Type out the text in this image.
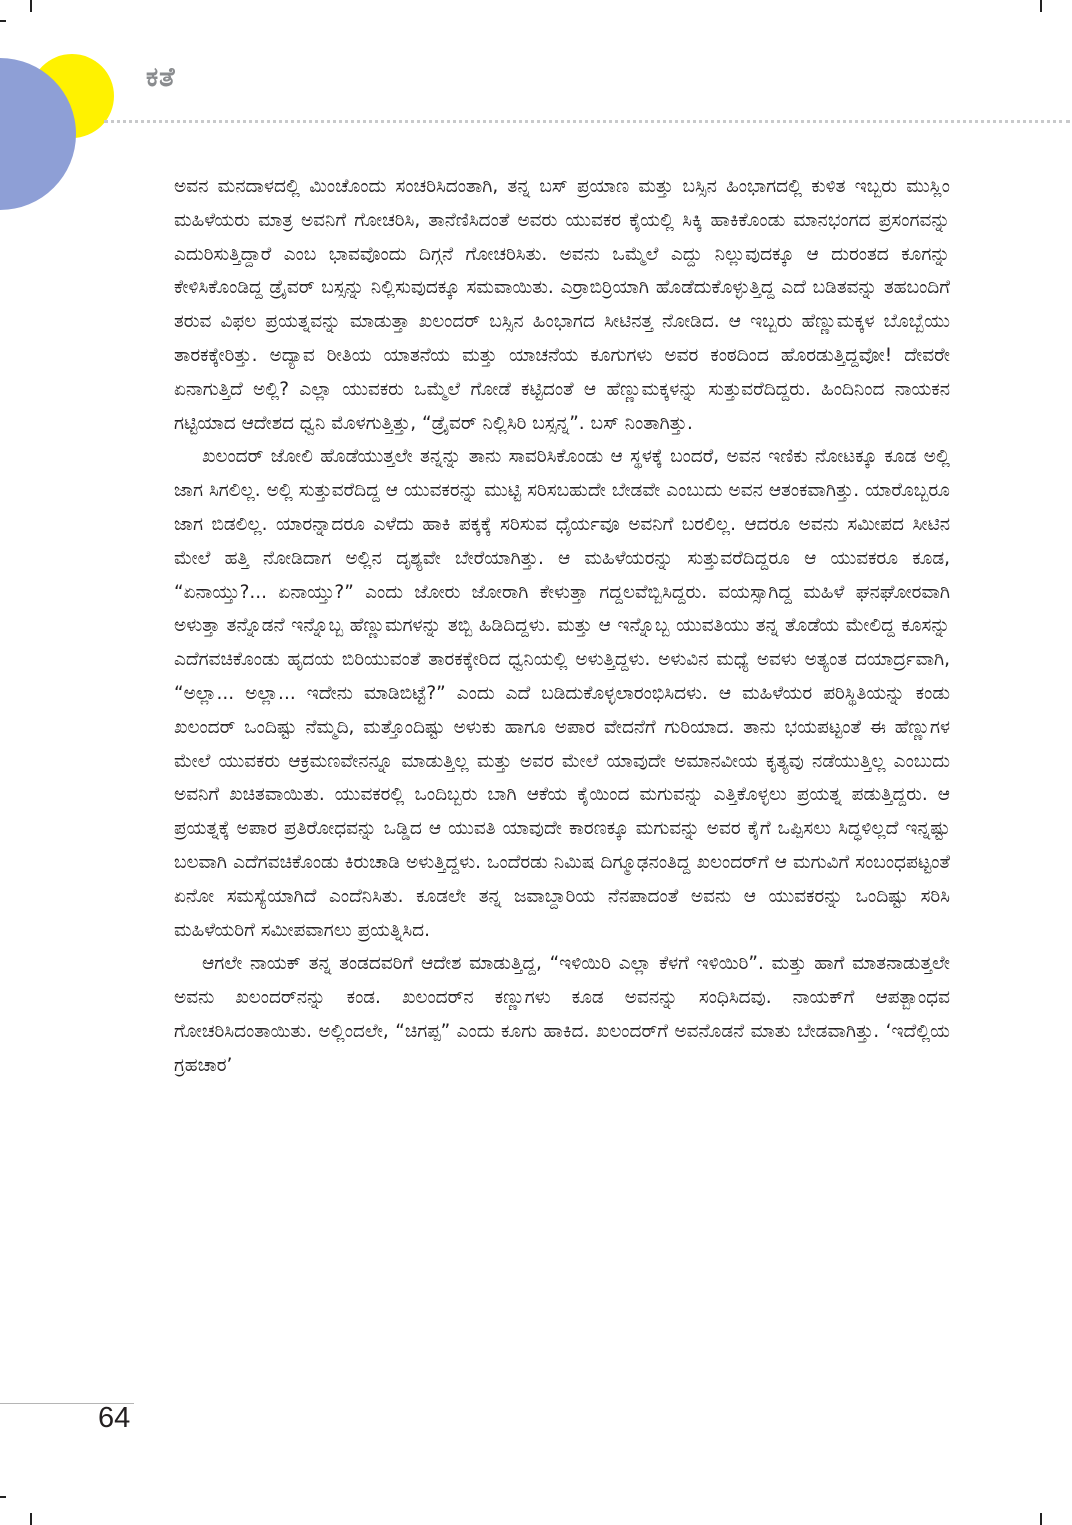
ಕತೆ

ಅವನ ಮನದಾಳದಲ್ಲಿ ಮಿಂಚೊಂದು ಸಂಚರಿಸಿದಂತಾಗಿ, ತನ್ನ ಬಸ್ ಪ್ರಯಾಣ ಮತ್ತು ಬಸ್ಸಿನ ಹಿಂಭಾಗದಲ್ಲಿ ಕುಳಿತ ಇಬ್ಬರು ಮುಸ್ಲಿಂ ಮಹಿಳೆಯರು ಮಾತ್ರ ಅವನಿಗೆ ಗೋಚರಿಸಿ, ತಾನೆಣಿಸಿದಂತೆ ಅವರು ಯುವಕರ ಕೈಯಲ್ಲಿ ಸಿಕ್ಕಿ ಹಾಕಿಕೊಂಡು ಮಾನಭಂಗದ ಪ್ರಸಂಗವನ್ನು ಎದುರಿಸುತ್ತಿದ್ದಾರೆ ಎಂಬ ಭಾವವೊಂದು ದಿಗ್ಗನೆ ಗೋಚರಿಸಿತು. ಅವನು ಒಮ್ಮೆಲೆ ಎದ್ದು ನಿಲ್ಲುವುದಕ್ಕೂ ಆ ದುರಂತದ ಕೂಗನ್ನು ಕೇಳಿಸಿಕೊಂಡಿದ್ದ ಡ್ರೈವರ್ ಬಸ್ಸನ್ನು ನಿಲ್ಲಿಸುವುದಕ್ಕೂ ಸಮವಾಯಿತು. ಎರ್ರಾಬಿರ್ರಿಯಾಗಿ ಹೊಡೆದುಕೊಳ್ಳುತ್ತಿದ್ದ ಎದೆ ಬಡಿತವನ್ನು ತಹಬಂದಿಗೆ ತರುವ ವಿಫಲ ಪ್ರಯತ್ನವನ್ನು ಮಾಡುತ್ತಾ ಖಲಂದರ್ ಬಸ್ಸಿನ ಹಿಂಭಾಗದ ಸೀಟಿನತ್ತ ನೋಡಿದ. ಆ ಇಬ್ಬರು ಹೆಣ್ಣುಮಕ್ಕಳ ಬೊಬ್ಬೆಯು ತಾರಕಕ್ಕೇರಿತ್ತು. ಅದ್ಯಾವ ರೀತಿಯ ಯಾತನೆಯ ಮತ್ತು ಯಾಚನೆಯ ಕೂಗುಗಳು ಅವರ ಕಂಠದಿಂದ ಹೊರಡುತ್ತಿದ್ದವೋ! ದೇವರೇ ಏನಾಗುತ್ತಿದೆ ಅಲ್ಲಿ? ಎಲ್ಲಾ ಯುವಕರು ಒಮ್ಮೆಲೆ ಗೋಡೆ ಕಟ್ಟಿದಂತೆ ಆ ಹೆಣ್ಣುಮಕ್ಕಳನ್ನು ಸುತ್ತುವರೆದಿದ್ದರು. ಹಿಂದಿನಿಂದ ನಾಯಕನ ಗಟ್ಟಿಯಾದ ಆದೇಶದ ಧ್ವನಿ ಮೊಳಗುತ್ತಿತ್ತು, “ಡ್ರೈವರ್ ನಿಲ್ಲಿಸಿರಿ ಬಸ್ಸನ್ನ”. ಬಸ್ ನಿಂತಾಗಿತ್ತು.

ಖಲಂದರ್ ಜೋಲಿ ಹೊಡೆಯುತ್ತಲೇ ತನ್ನನ್ನು ತಾನು ಸಾವರಿಸಿಕೊಂಡು ಆ ಸ್ಥಳಕ್ಕೆ ಬಂದರೆ, ಅವನ ಇಣಿಕು ನೋಟಕ್ಕೂ ಕೂಡ ಅಲ್ಲಿ ಜಾಗ ಸಿಗಲಿಲ್ಲ. ಅಲ್ಲಿ ಸುತ್ತುವರೆದಿದ್ದ ಆ ಯುವಕರನ್ನು ಮುಟ್ಟಿ ಸರಿಸಬಹುದೇ ಬೇಡವೇ ಎಂಬುದು ಅವನ ಆತಂಕವಾಗಿತ್ತು. ಯಾರೊಬ್ಬರೂ ಜಾಗ ಬಿಡಲಿಲ್ಲ. ಯಾರನ್ನಾದರೂ ಎಳೆದು ಹಾಕಿ ಪಕ್ಕಕ್ಕೆ ಸರಿಸುವ ಧೈರ್ಯವೂ ಅವನಿಗೆ ಬರಲಿಲ್ಲ. ಆದರೂ ಅವನು ಸಮೀಪದ ಸೀಟಿನ ಮೇಲೆ ಹತ್ತಿ ನೋಡಿದಾಗ ಅಲ್ಲಿನ ದೃಶ್ಯವೇ ಬೇರೆಯಾಗಿತ್ತು. ಆ ಮಹಿಳೆಯರನ್ನು ಸುತ್ತುವರೆದಿದ್ದರೂ ಆ ಯುವಕರೂ ಕೂಡ, “ಏನಾಯ್ತು?... ಏನಾಯ್ತು?” ಎಂದು ಜೋರು ಜೋರಾಗಿ ಕೇಳುತ್ತಾ ಗದ್ದಲವೆಬ್ಬಿಸಿದ್ದರು. ವಯಸ್ಸಾಗಿದ್ದ ಮಹಿಳೆ ಘನಘೋರವಾಗಿ ಅಳುತ್ತಾ ತನ್ನೊಡನೆ ಇನ್ನೊಬ್ಬ ಹೆಣ್ಣುಮಗಳನ್ನು ತಬ್ಬಿ ಹಿಡಿದಿದ್ದಳು. ಮತ್ತು ಆ ಇನ್ನೊಬ್ಬ ಯುವತಿಯು ತನ್ನ ತೊಡೆಯ ಮೇಲಿದ್ದ ಕೂಸನ್ನು ಎದೆಗವಚಿಕೊಂಡು ಹೃದಯ ಬಿರಿಯುವಂತೆ ತಾರಕಕ್ಕೇರಿದ ಧ್ವನಿಯಲ್ಲಿ ಅಳುತ್ತಿದ್ದಳು. ಅಳುವಿನ ಮಧ್ಯೆ ಅವಳು ಅತ್ಯಂತ ದಯಾರ್ದ್ರವಾಗಿ, “ಅಲ್ಲಾ... ಅಲ್ಲಾ... ಇದೇನು ಮಾಡಿಬಿಟ್ಟೆ?” ಎಂದು ಎದೆ ಬಡಿದುಕೊಳ್ಳಲಾರಂಭಿಸಿದಳು. ಆ ಮಹಿಳೆಯರ ಪರಿಸ್ಥಿತಿಯನ್ನು ಕಂಡು ಖಲಂದರ್ ಒಂದಿಷ್ಟು ನೆಮ್ಮದಿ, ಮತ್ತೊಂದಿಷ್ಟು ಅಳುಕು ಹಾಗೂ ಅಪಾರ ವೇದನೆಗೆ ಗುರಿಯಾದ. ತಾನು ಭಯಪಟ್ಟಂತೆ ಈ ಹೆಣ್ಣುಗಳ ಮೇಲೆ ಯುವಕರು ಆಕ್ರಮಣವೇನನ್ನೂ ಮಾಡುತ್ತಿಲ್ಲ ಮತ್ತು ಅವರ ಮೇಲೆ ಯಾವುದೇ ಅಮಾನವೀಯ ಕೃತ್ಯವು ನಡೆಯುತ್ತಿಲ್ಲ ಎಂಬುದು ಅವನಿಗೆ ಖಚಿತವಾಯಿತು. ಯುವಕರಲ್ಲಿ ಒಂದಿಬ್ಬರು ಬಾಗಿ ಆಕೆಯ ಕೈಯಿಂದ ಮಗುವನ್ನು ಎತ್ತಿಕೊಳ್ಳಲು ಪ್ರಯತ್ನ ಪಡುತ್ತಿದ್ದರು. ಆ ಪ್ರಯತ್ನಕ್ಕೆ ಅಪಾರ ಪ್ರತಿರೋಧವನ್ನು ಒಡ್ಡಿದ ಆ ಯುವತಿ ಯಾವುದೇ ಕಾರಣಕ್ಕೂ ಮಗುವನ್ನು ಅವರ ಕೈಗೆ ಒಪ್ಪಿಸಲು ಸಿದ್ಧಳಿಲ್ಲದೆ ಇನ್ನಷ್ಟು ಬಲವಾಗಿ ಎದೆಗವಚಿಕೊಂಡು ಕಿರುಚಾಡಿ ಅಳುತ್ತಿದ್ದಳು. ಒಂದೆರಡು ನಿಮಿಷ ದಿಗ್ಮೂಢನಂತಿದ್ದ ಖಲಂದರ್‌ಗೆ ಆ ಮಗುವಿಗೆ ಸಂಬಂಧಪಟ್ಟಂತೆ ಏನೋ ಸಮಸ್ಯೆಯಾಗಿದೆ ಎಂದೆನಿಸಿತು. ಕೂಡಲೇ ತನ್ನ ಜವಾಬ್ದಾರಿಯ ನೆನಪಾದಂತೆ ಅವನು ಆ ಯುವಕರನ್ನು ಒಂದಿಷ್ಟು ಸರಿಸಿ ಮಹಿಳೆಯರಿಗೆ ಸಮೀಪವಾಗಲು ಪ್ರಯತ್ನಿಸಿದ.

ಆಗಲೇ ನಾಯಕ್ ತನ್ನ ತಂಡದವರಿಗೆ ಆದೇಶ ಮಾಡುತ್ತಿದ್ದ, “ಇಳಿಯಿರಿ ಎಲ್ಲಾ ಕೆಳಗೆ ಇಳಿಯಿರಿ”. ಮತ್ತು ಹಾಗೆ ಮಾತನಾಡುತ್ತಲೇ ಅವನು ಖಲಂದರ್‌ನನ್ನು ಕಂಡ. ಖಲಂದರ್‌ನ ಕಣ್ಣುಗಳು ಕೂಡ ಅವನನ್ನು ಸಂಧಿಸಿದವು. ನಾಯಕ್‌ಗೆ ಆಪತ್ಬಾಂಧವ ಗೋಚರಿಸಿದಂತಾಯಿತು. ಅಲ್ಲಿಂದಲೇ, “ಚಿಗಪ್ಪ” ಎಂದು ಕೂಗು ಹಾಕಿದ. ಖಲಂದರ್‌ಗೆ ಅವನೊಡನೆ ಮಾತು ಬೇಡವಾಗಿತ್ತು. ‘ಇದೆಲ್ಲಿಯ ಗ್ರಹಚಾರ’

64
